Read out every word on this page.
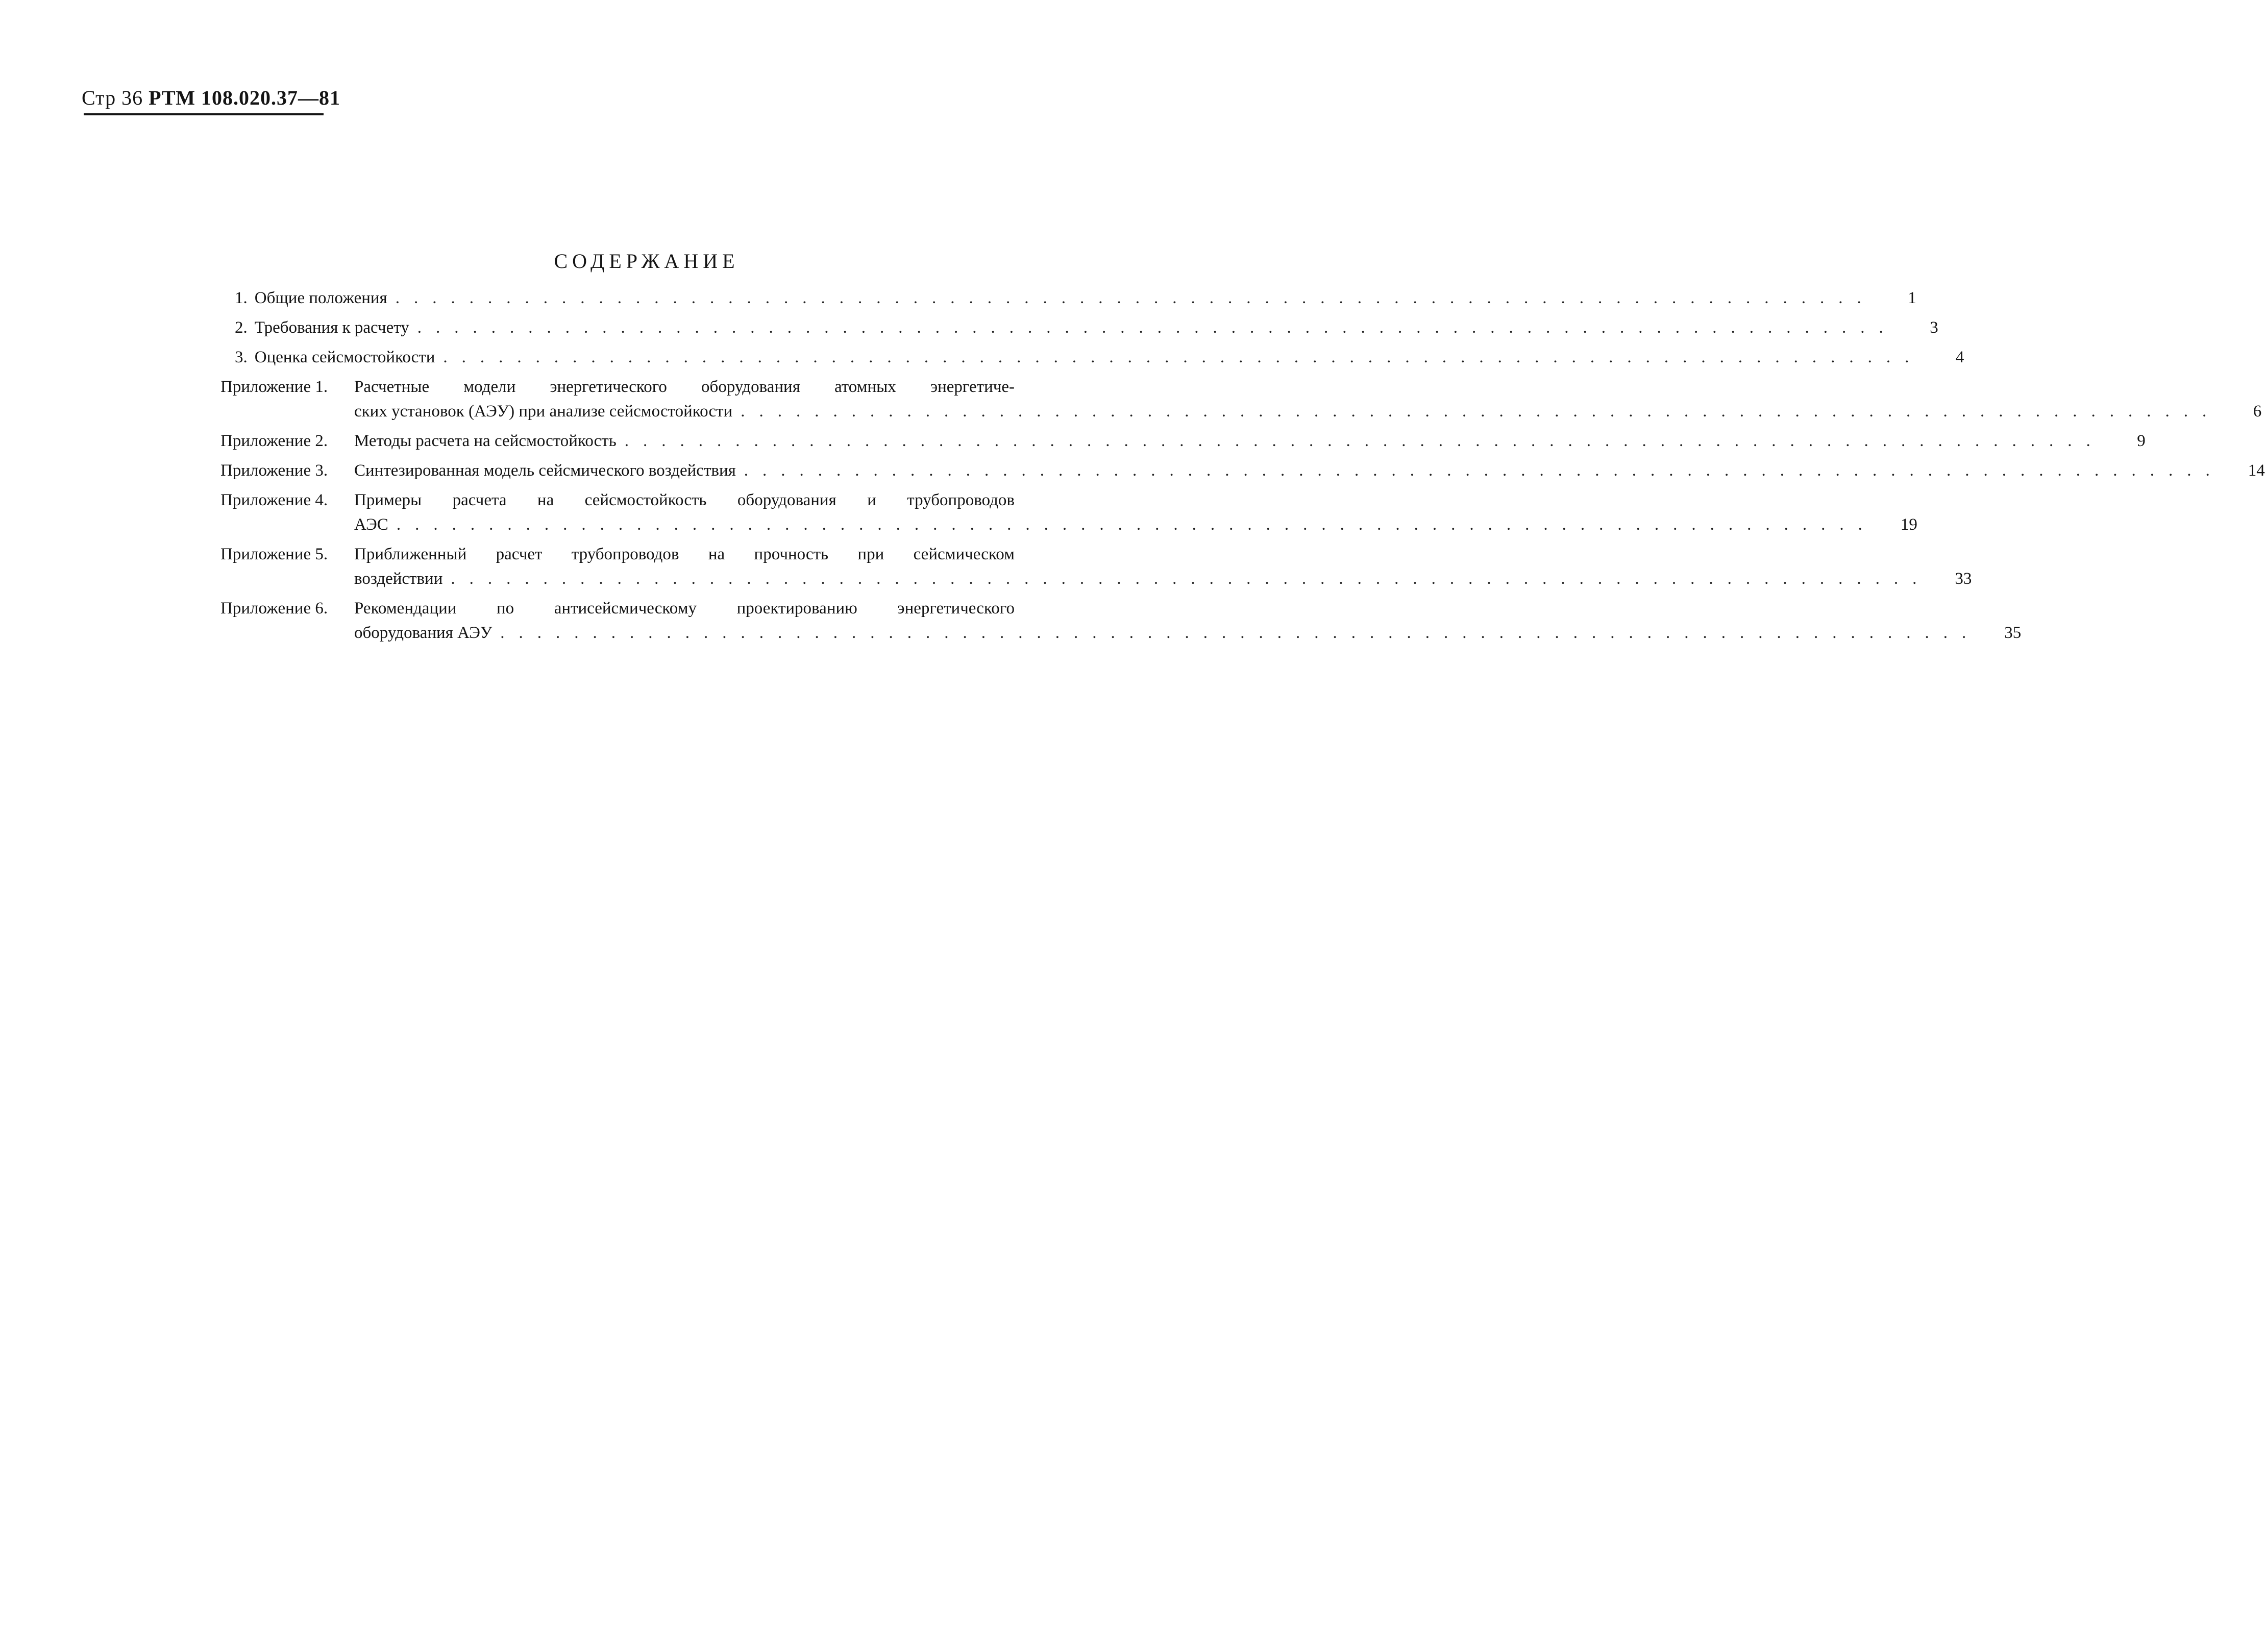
Стр 36 РТМ 108.020.37—81
СОДЕРЖАНИЕ
1. Общие положения ................................................................................	1
2. Требования к расчету ................................................................................	3
3. Оценка сейсмостойкости ................................................................................	4
Приложение 1.	Расчетные модели энергетического оборудования атомных энергетиче-
ских установок (АЭУ) при анализе сейсмостойкости ................................................................................	6
Приложение 2.	Методы расчета на сейсмостойкость ................................................................................	9
Приложение 3.	Синтезированная модель сейсмического воздействия ................................................................................	14
Приложение 4.	Примеры расчета на сейсмостойкость оборудования и трубопроводов
АЭС ................................................................................	19
Приложение 5.	Приближенный расчет трубопроводов на прочность при сейсмическом
воздействии ................................................................................	33
Приложение 6.	Рекомендации по антисейсмическому проектированию энергетического
оборудования АЭУ ................................................................................	35
